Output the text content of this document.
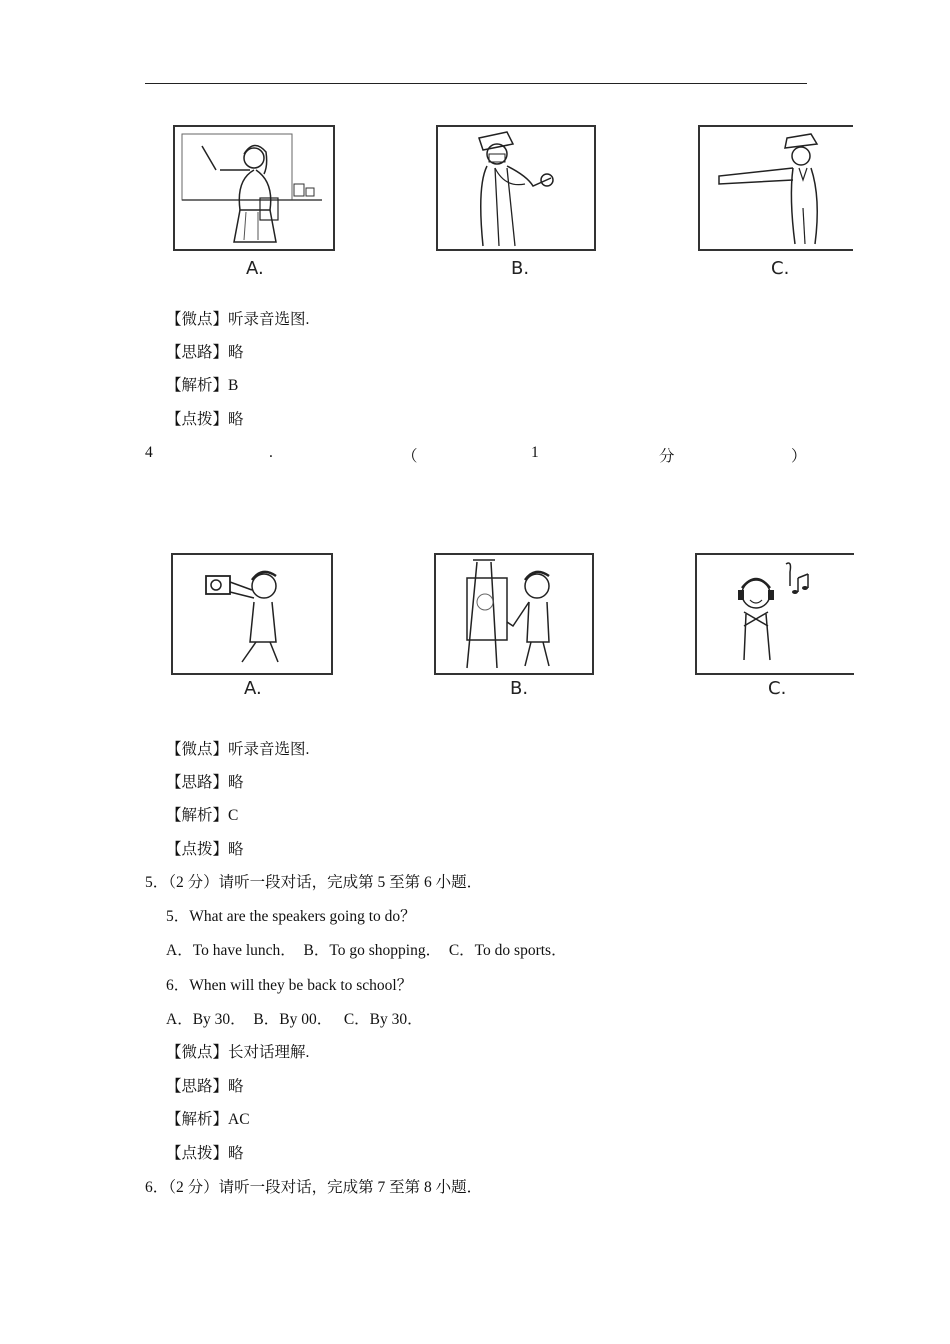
A.	B.	C.
【微点】听录音选图.
【思路】略
【解析】B
【点拨】略
4	.	（	1	分	）
A.	B.	C.
【微点】听录音选图.
【思路】略
【解析】C
【点拨】略
5．（2 分）请听一段对话，完成第 5 至第 6 小题．
5．What are the speakers going to do？
A．To have lunch．  B．To go shopping．  C．To do sports．
6．When will they be back to school？
A．By 30．  B．By 00．   C．By 30．
【微点】长对话理解.
【思路】略
【解析】AC
【点拨】略
6．（2 分）请听一段对话，完成第 7 至第 8 小题．
